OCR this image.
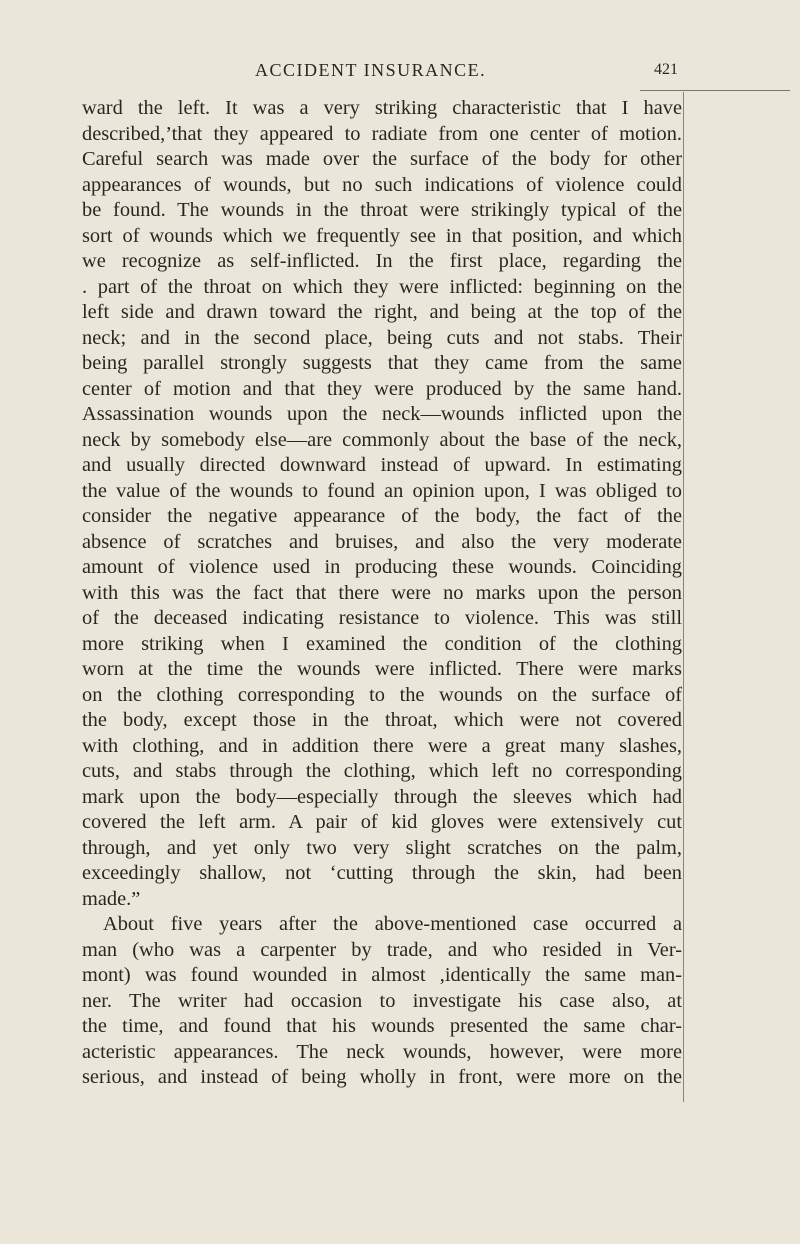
ACCIDENT INSURANCE.	421
ward the left. It was a very striking characteristic that I have
described,’that they appeared to radiate from one center of motion.
Careful search was made over the surface of the body for other
appearances of wounds, but no such indications of violence could
be found. The wounds in the throat were strikingly typical of the
sort of wounds which we frequently see in that position, and which
we recognize as self-inflicted. In the first place, regarding the
. part of the throat on which they were inflicted: beginning on the
left side and drawn toward the right, and being at the top of the
neck; and in the second place, being cuts and not stabs. Their
being parallel strongly suggests that they came from the same
center of motion and that they were produced by the same hand.
Assassination wounds upon the neck—wounds inflicted upon the
neck by somebody else—are commonly about the base of the neck,
and usually directed downward instead of upward. In estimating
the value of the wounds to found an opinion upon, I was obliged to
consider the negative appearance of the body, the fact of the
absence of scratches and bruises, and also the very moderate
amount of violence used in producing these wounds. Coinciding
with this was the fact that there were no marks upon the person
of the deceased indicating resistance to violence. This was still
more striking when I examined the condition of the clothing
worn at the time the wounds were inflicted. There were marks
on the clothing corresponding to the wounds on the surface of
the body, except those in the throat, which were not covered
with clothing, and in addition there were a great many slashes,
cuts, and stabs through the clothing, which left no corresponding
mark upon the body—especially through the sleeves which had
covered the left arm. A pair of kid gloves were extensively cut
through, and yet only two very slight scratches on the palm,
exceedingly shallow, not ‘cutting through the skin, had been
made.”
About five years after the above-mentioned case occurred a
man (who was a carpenter by trade, and who resided in Ver-
mont) was found wounded in almost ,identically the same man-
ner. The writer had occasion to investigate his case also, at
the time, and found that his wounds presented the same char-
acteristic appearances. The neck wounds, however, were more
serious, and instead of being wholly in front, were more on the
